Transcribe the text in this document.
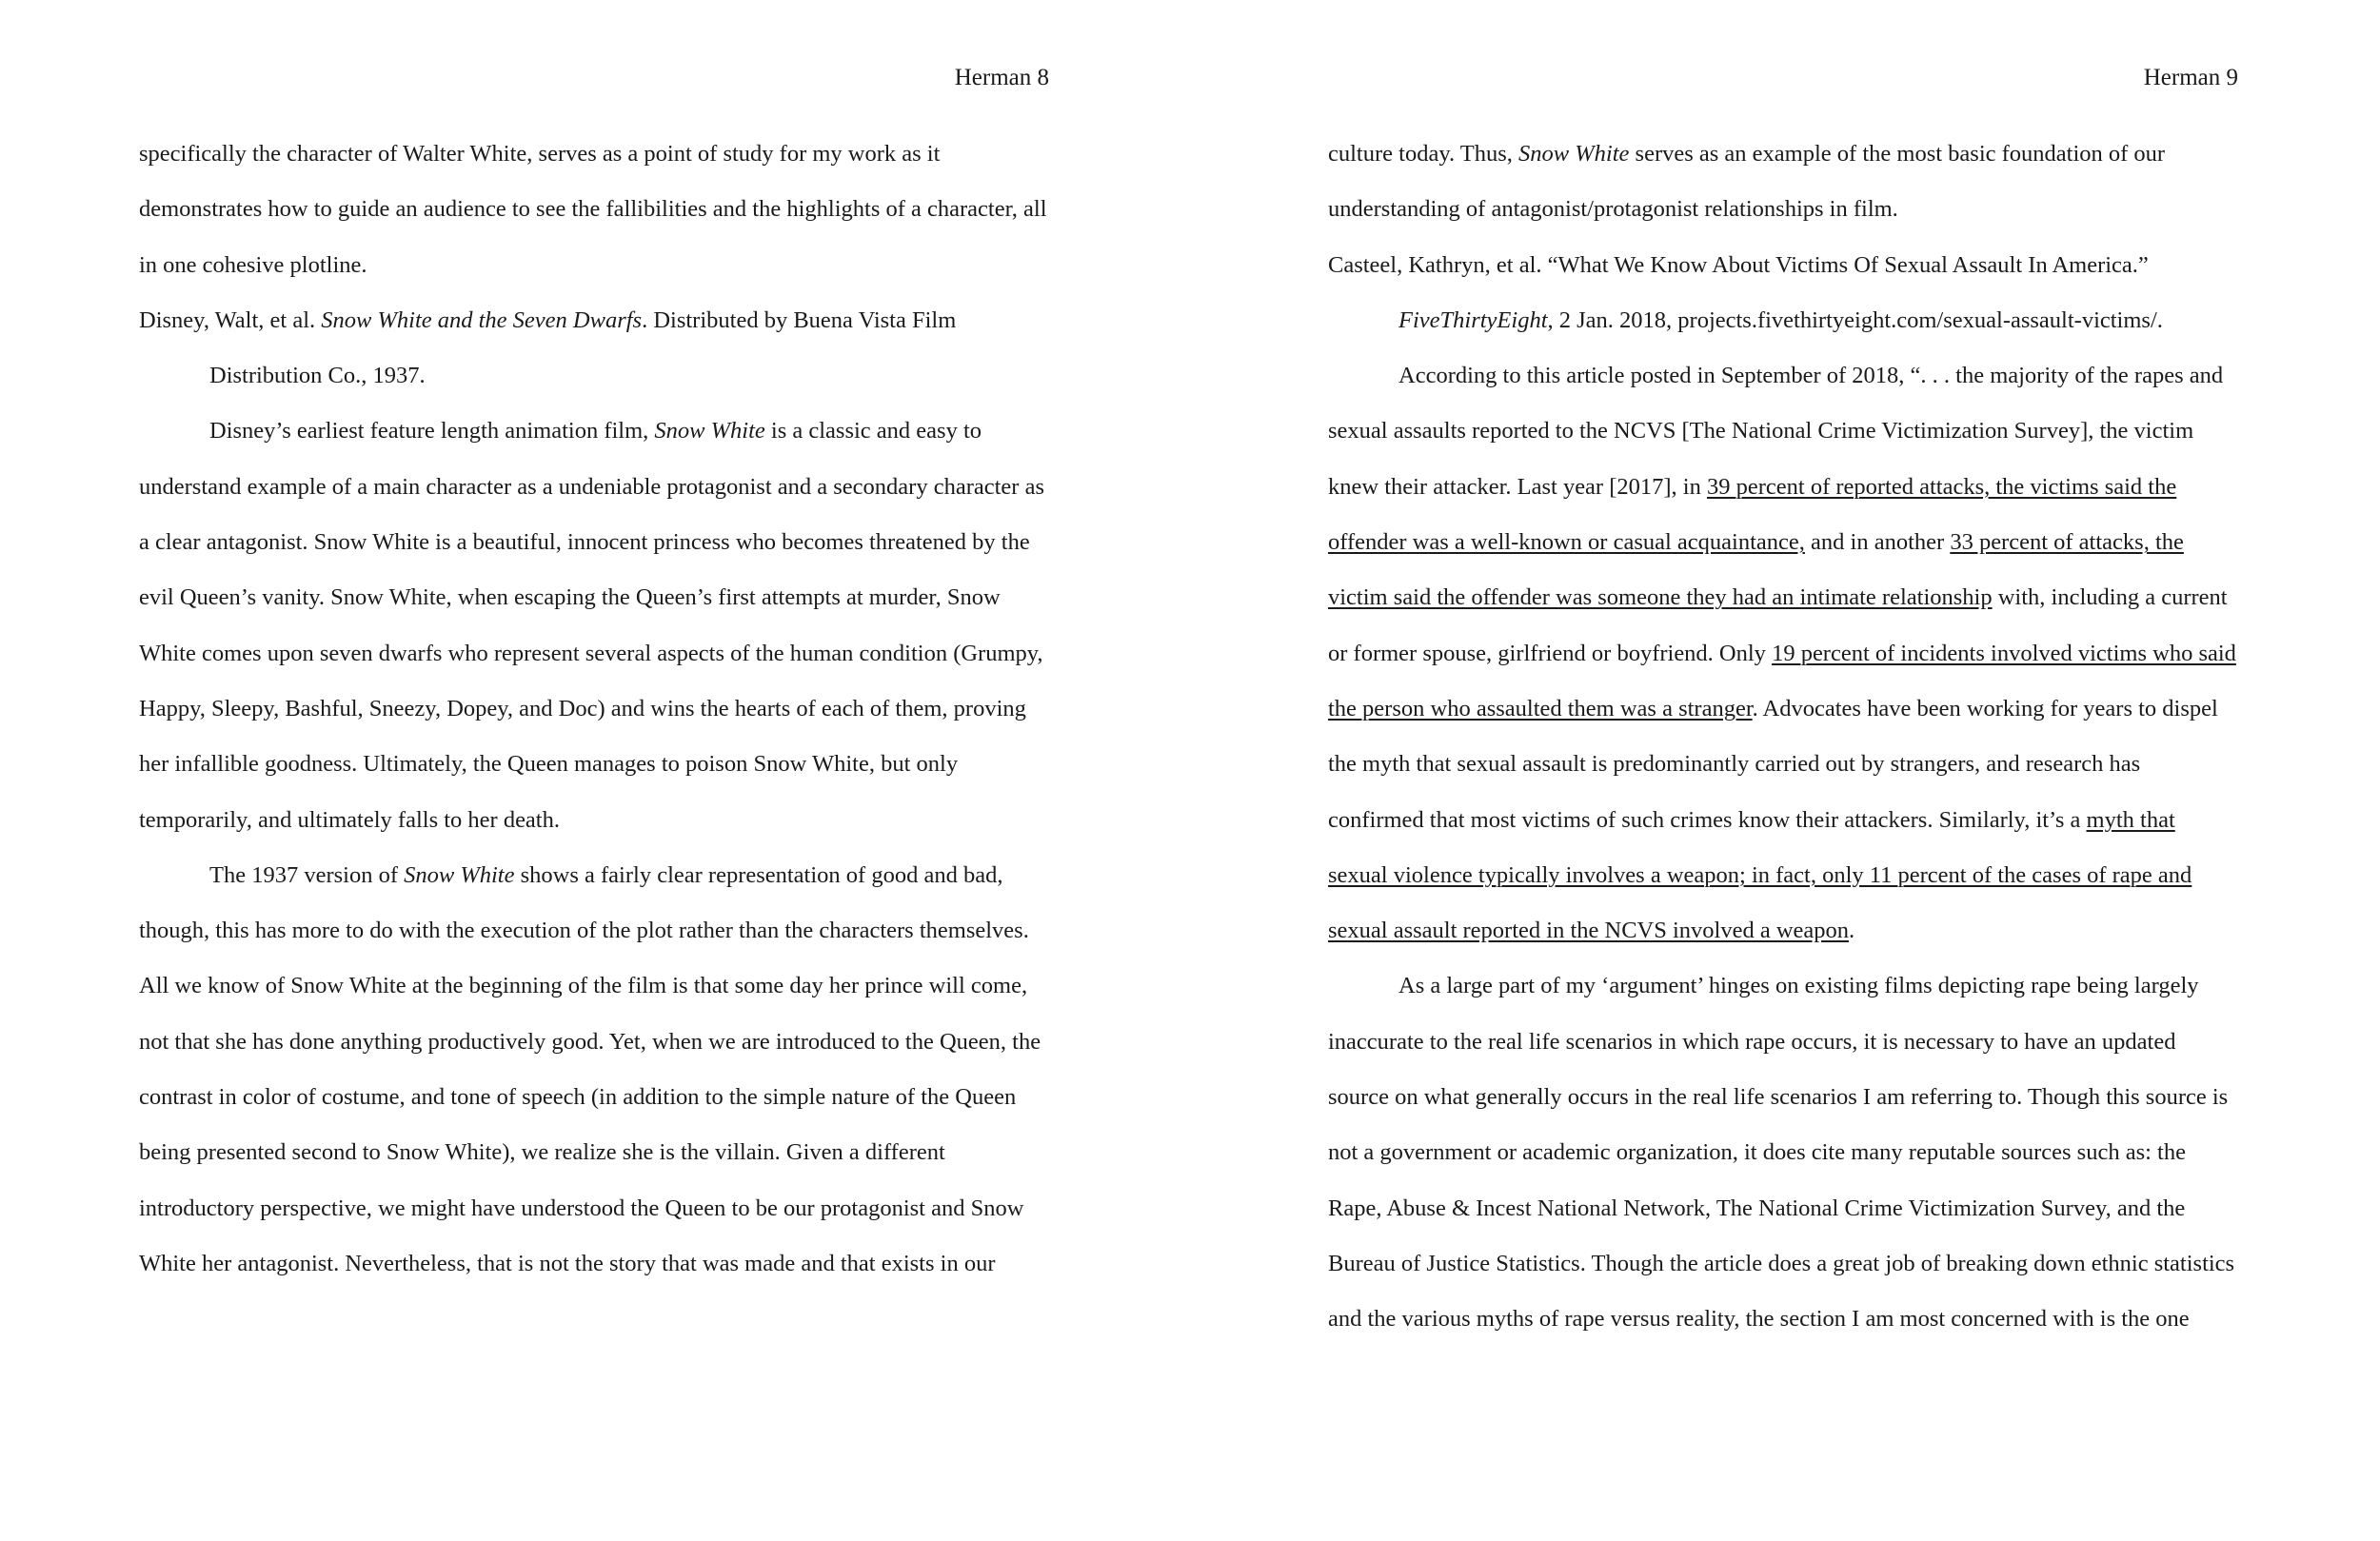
Herman 8
specifically the character of Walter White, serves as a point of study for my work as it
demonstrates how to guide an audience to see the fallibilities and the highlights of a character, all
in one cohesive plotline.
Disney, Walt, et al. Snow White and the Seven Dwarfs. Distributed by Buena Vista Film
Distribution Co., 1937.
Disney’s earliest feature length animation film, Snow White is a classic and easy to
understand example of a main character as a undeniable protagonist and a secondary character as
a clear antagonist. Snow White is a beautiful, innocent princess who becomes threatened by the
evil Queen’s vanity. Snow White, when escaping the Queen’s first attempts at murder, Snow
White comes upon seven dwarfs who represent several aspects of the human condition (Grumpy,
Happy, Sleepy, Bashful, Sneezy, Dopey, and Doc) and wins the hearts of each of them, proving
her infallible goodness. Ultimately, the Queen manages to poison Snow White, but only
temporarily, and ultimately falls to her death.
The 1937 version of Snow White shows a fairly clear representation of good and bad,
though, this has more to do with the execution of the plot rather than the characters themselves.
All we know of Snow White at the beginning of the film is that some day her prince will come,
not that she has done anything productively good. Yet, when we are introduced to the Queen, the
contrast in color of costume, and tone of speech (in addition to the simple nature of the Queen
being presented second to Snow White), we realize she is the villain. Given a different
introductory perspective, we might have understood the Queen to be our protagonist and Snow
White her antagonist. Nevertheless, that is not the story that was made and that exists in our
Herman 9
culture today. Thus, Snow White serves as an example of the most basic foundation of our
understanding of antagonist/protagonist relationships in film.
Casteel, Kathryn, et al. “What We Know About Victims Of Sexual Assault In America.”
FiveThirtyEight, 2 Jan. 2018, projects.fivethirtyeight.com/sexual-assault-victims/.
According to this article posted in September of 2018, “. . . the majority of the rapes and
sexual assaults reported to the NCVS [The National Crime Victimization Survey], the victim
knew their attacker. Last year [2017], in 39 percent of reported attacks, the victims said the
offender was a well-known or casual acquaintance, and in another 33 percent of attacks, the
victim said the offender was someone they had an intimate relationship with, including a current
or former spouse, girlfriend or boyfriend. Only 19 percent of incidents involved victims who said
the person who assaulted them was a stranger. Advocates have been working for years to dispel
the myth that sexual assault is predominantly carried out by strangers, and research has
confirmed that most victims of such crimes know their attackers. Similarly, it’s a myth that
sexual violence typically involves a weapon; in fact, only 11 percent of the cases of rape and
sexual assault reported in the NCVS involved a weapon.
As a large part of my ‘argument’ hinges on existing films depicting rape being largely
inaccurate to the real life scenarios in which rape occurs, it is necessary to have an updated
source on what generally occurs in the real life scenarios I am referring to. Though this source is
not a government or academic organization, it does cite many reputable sources such as: the
Rape, Abuse & Incest National Network, The National Crime Victimization Survey, and the
Bureau of Justice Statistics. Though the article does a great job of breaking down ethnic statistics
and the various myths of rape versus reality, the section I am most concerned with is the one
